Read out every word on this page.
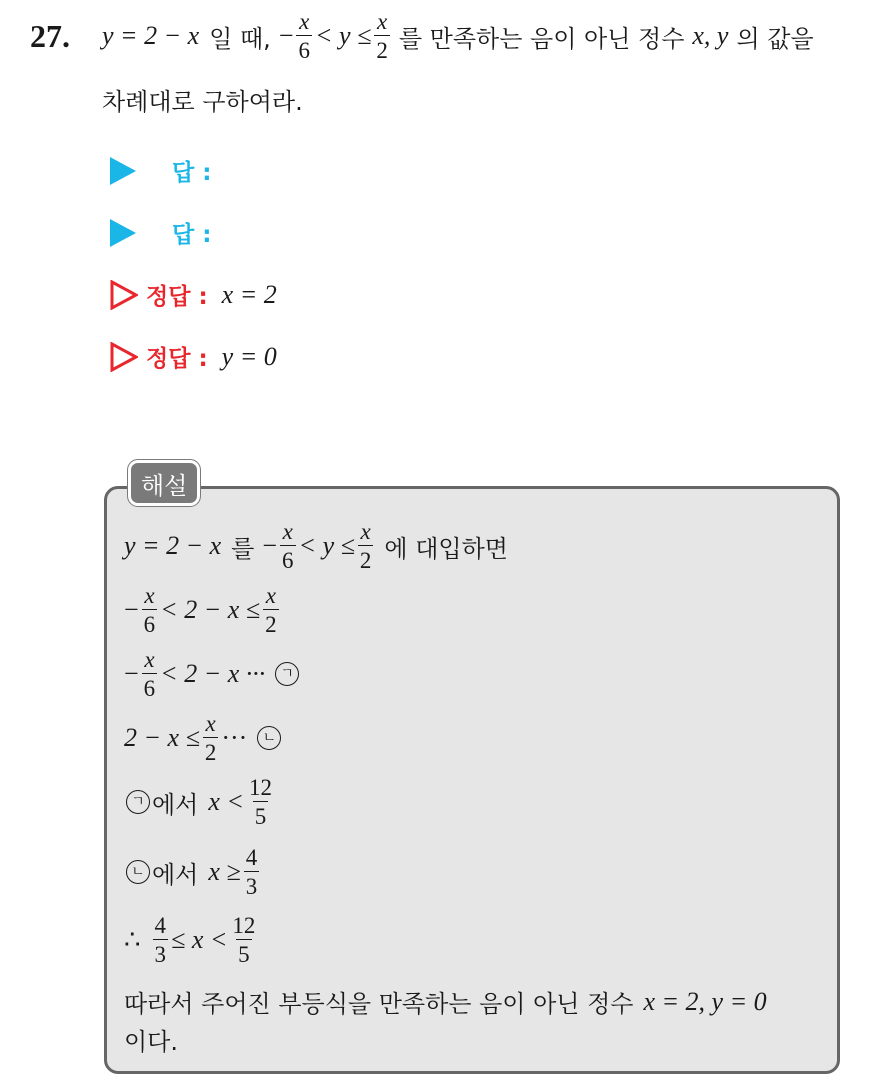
27. y = 2 − x 일 때, − $\frac{x}{6} < y \le \frac{x}{2}$ 를 만족하는 음이 아닌 정수 x, y 의 값을
차례대로 구하여라.
답 :
답 :
정답 : x = 2
정답 : y = 0
해설
y = 2 − x 를 − $\frac{x}{6} < y \le \frac{x}{2}$ 에 대입하면
− $\frac{x}{6} < 2 - x \le \frac{x}{2}$
− $\frac{x}{6} < 2 - x$ ···	ㄱ
$2 - x \le \frac{x}{2}$ ···	ㄴ
ㄱ 에서 $x < \frac{12}{5}$
ㄴ 에서 $x \ge \frac{4}{3}$
∴ $\frac{4}{3} \le x < \frac{12}{5}$
따라서 주어진 부등식을 만족하는 음이 아닌 정수 x = 2, y = 0
이다.
